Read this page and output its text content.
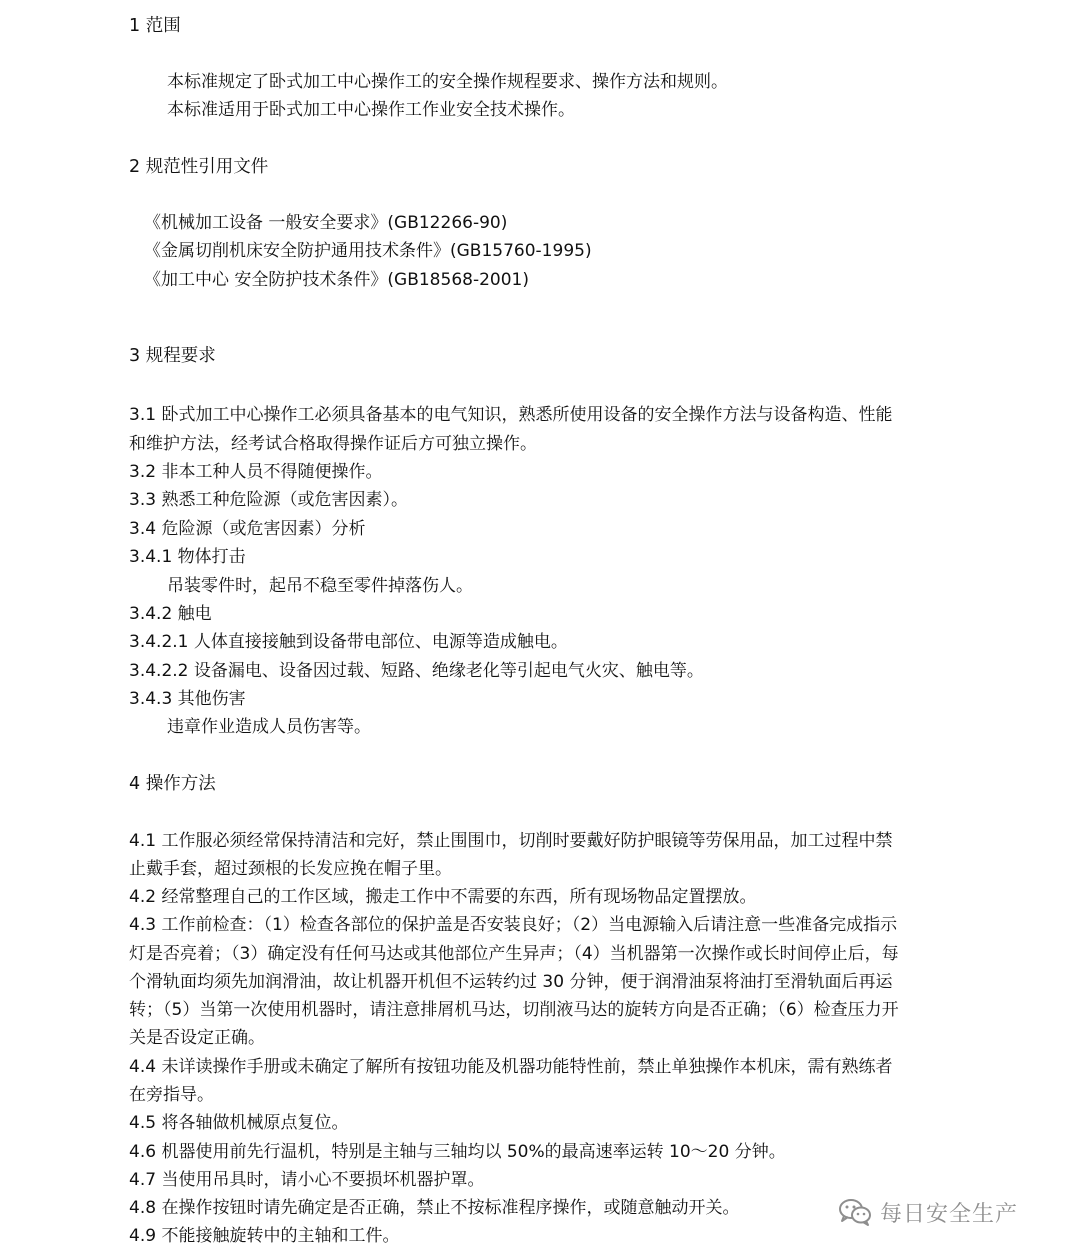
1 范围
本标准规定了卧式加工中心操作工的安全操作规程要求、操作方法和规则。
本标准适用于卧式加工中心操作工作业安全技术操作。
2 规范性引用文件
《机械加工设备 一般安全要求》(GB12266-90)
《金属切削机床安全防护通用技术条件》(GB15760-1995)
《加工中心 安全防护技术条件》(GB18568-2001)
3 规程要求
3.1 卧式加工中心操作工必须具备基本的电气知识，熟悉所使用设备的安全操作方法与设备构造、性能
和维护方法，经考试合格取得操作证后方可独立操作。
3.2 非本工种人员不得随便操作。
3.3 熟悉工种危险源（或危害因素）。
3.4 危险源（或危害因素）分析
3.4.1 物体打击
吊装零件时，起吊不稳至零件掉落伤人。
3.4.2 触电
3.4.2.1 人体直接接触到设备带电部位、电源等造成触电。
3.4.2.2 设备漏电、设备因过载、短路、绝缘老化等引起电气火灾、触电等。
3.4.3 其他伤害
违章作业造成人员伤害等。
4 操作方法
4.1 工作服必须经常保持清洁和完好，禁止围围巾，切削时要戴好防护眼镜等劳保用品，加工过程中禁
止戴手套，超过颈根的长发应挽在帽子里。
4.2 经常整理自己的工作区域，搬走工作中不需要的东西，所有现场物品定置摆放。
4.3 工作前检查：（1）检查各部位的保护盖是否安装良好；（2）当电源输入后请注意一些准备完成指示
灯是否亮着；（3）确定没有任何马达或其他部位产生异声；（4）当机器第一次操作或长时间停止后，每
个滑轨面均须先加润滑油，故让机器开机但不运转约过 30 分钟，便于润滑油泵将油打至滑轨面后再运
转；（5）当第一次使用机器时，请注意排屑机马达，切削液马达的旋转方向是否正确；（6）检查压力开
关是否设定正确。
4.4 未详读操作手册或未确定了解所有按钮功能及机器功能特性前，禁止单独操作本机床，需有熟练者
在旁指导。
4.5 将各轴做机械原点复位。
4.6 机器使用前先行温机，特别是主轴与三轴均以 50%的最高速率运转 10～20 分钟。
4.7 当使用吊具时，请小心不要损坏机器护罩。
4.8 在操作按钮时请先确定是否正确，禁止不按标准程序操作，或随意触动开关。
4.9 不能接触旋转中的主轴和工件。
每日安全生产
